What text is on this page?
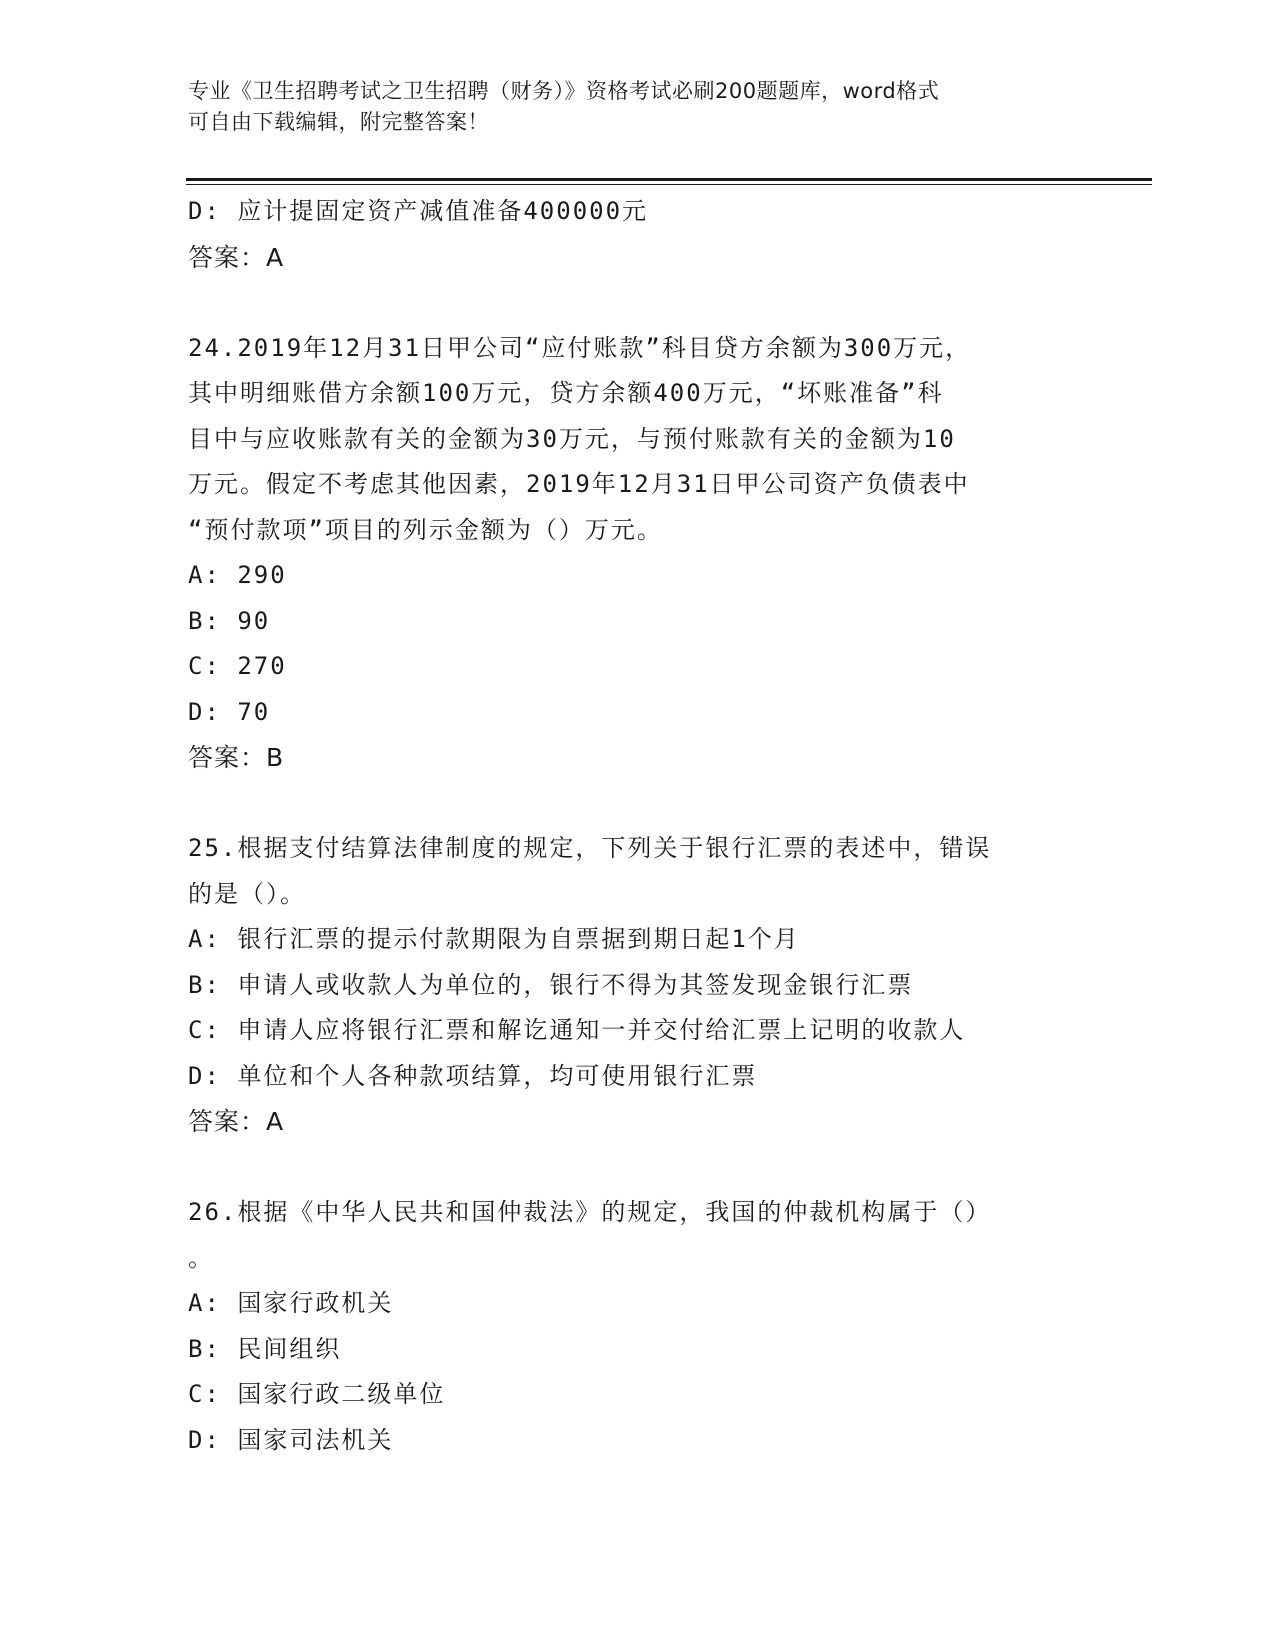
专业《卫生招聘考试之卫生招聘（财务）》资格考试必刷200题题库，word格式
可自由下载编辑，附完整答案！
D: 应计提固定资产减值准备400000元
答案：A
24.2019年12月31日甲公司“应付账款”科目贷方余额为300万元，
其中明细账借方余额100万元，贷方余额400万元，“坏账准备”科
目中与应收账款有关的金额为30万元，与预付账款有关的金额为10
万元。假定不考虑其他因素，2019年12月31日甲公司资产负债表中
“预付款项”项目的列示金额为（）万元。
A: 290
B: 90
C: 270
D: 70
答案：B
25.根据支付结算法律制度的规定，下列关于银行汇票的表述中，错误
的是（）。
A: 银行汇票的提示付款期限为自票据到期日起1个月
B: 申请人或收款人为单位的，银行不得为其签发现金银行汇票
C: 申请人应将银行汇票和解讫通知一并交付给汇票上记明的收款人
D: 单位和个人各种款项结算，均可使用银行汇票
答案：A
26.根据《中华人民共和国仲裁法》的规定，我国的仲裁机构属于（）
。
A: 国家行政机关
B: 民间组织
C: 国家行政二级单位
D: 国家司法机关
